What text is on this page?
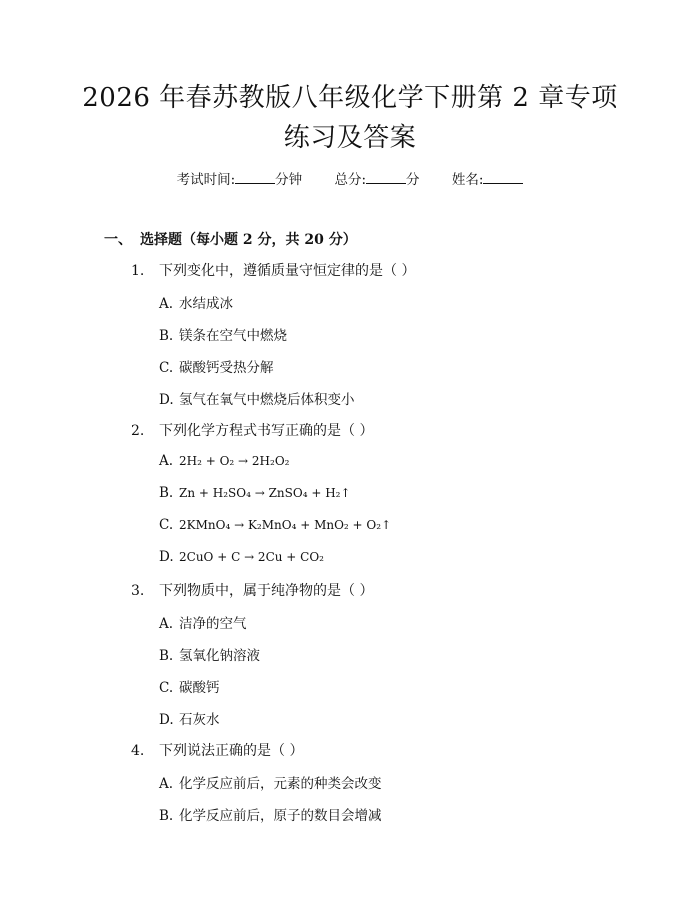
2026 年春苏教版八年级化学下册第 2 章专项
练习及答案
考试时间:	分钟 总分:	分 姓名:
一、 选择题（每小题 2 分，共 20 分）
1. 下列变化中，遵循质量守恒定律的是（ ）
A. 水结成冰
B. 镁条在空气中燃烧
C. 碳酸钙受热分解
D. 氢气在氧气中燃烧后体积变小
2. 下列化学方程式书写正确的是（ ）
A. 2H₂ + O₂ → 2H₂O₂
B. Zn + H₂SO₄ → ZnSO₄ + H₂↑
C. 2KMnO₄ → K₂MnO₄ + MnO₂ + O₂↑
D. 2CuO + C → 2Cu + CO₂
3. 下列物质中，属于纯净物的是（ ）
A. 洁净的空气
B. 氢氧化钠溶液
C. 碳酸钙
D. 石灰水
4. 下列说法正确的是（ ）
A. 化学反应前后，元素的种类会改变
B. 化学反应前后，原子的数目会增减
